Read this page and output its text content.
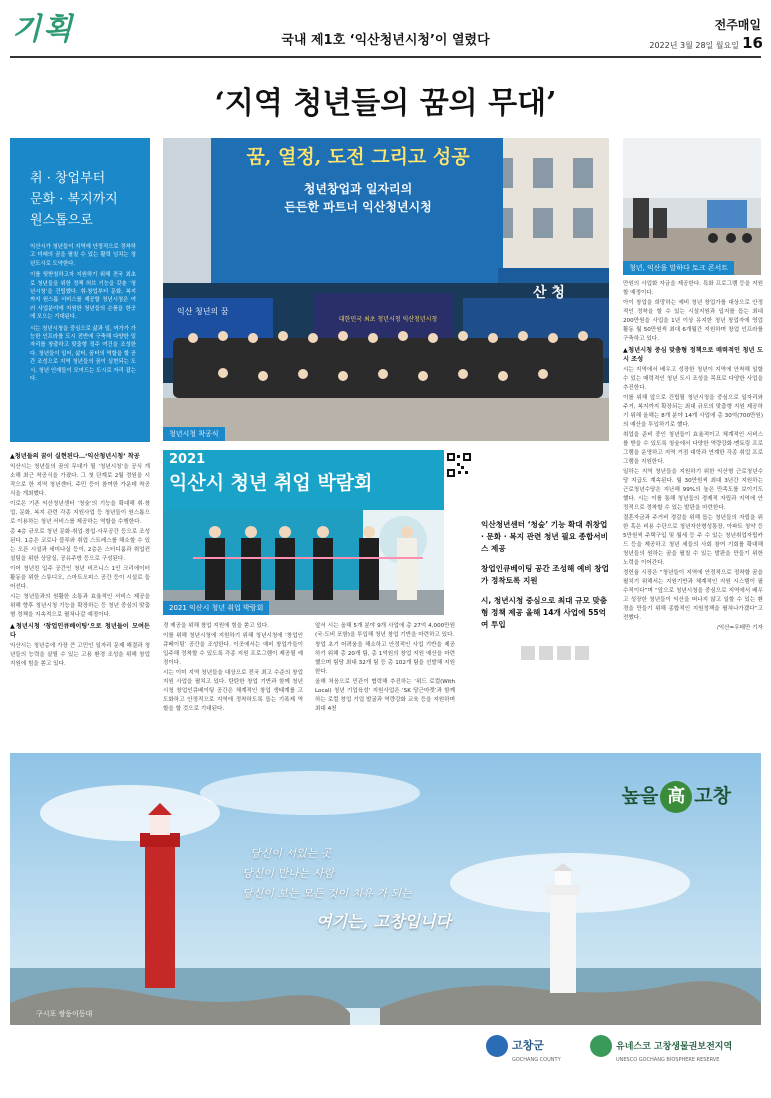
기획	국내 제1호 ‘익산청년시청’이 열렸다
전주매일
2022년 3월 28일 월요일 16
‘지역 청년들의 꿈의 무대’
취 · 창업부터
문화 · 복지까지
원스톱으로

익산시가 청년들이 지역에 안정적으로 정착하고 미래의 꿈을 펼칠 수 있는 활력 넘치는 청년도시로 도약한다.

이를 뒷받침하고자 지원하기 위해 전국 최초로 청년들을 위한 정책 허브 기능을 갖춘 ‘청년시청’을 건립했다. 취·창업부터 문화, 복지까지 원스톱 서비스를 제공할 청년시청은 여러 사업분야에 지원한 청년들의 손품을 한곳에 모으는 기대된다.

시는 청년시청을 중심으로 삶과 일, 여가가 가능한 인프라를 도시 전반에 구축해 다양한 일자리를 창출하고 맞춤형 정주 여건을 조성한다. 청년들이 일터, 삶터, 꿈터의 역할을 할 공간 조성으로 지역 청년들의 꿈이 실현되는 도시, 청년 인재들이 모여드는 도시로 자리 잡는다.

▲청년들의 꿈이 실현된다…‘익산청년시청’ 착공

익산시는 청년들의 꿈의 무대가 될 ‘청년시청’을 공식 개소해 최근 착공식을 가졌다. 그 첫 단계로 2월 정원을 시작으로 한 지역 청년센터, 주민 등이 참여한 가운데 착공식을 개최했다.

이로은 기존 익산청년센터 ‘청숲’의 기능을 확대해 취·창업, 문화, 복지 관련 각종 지원사업 등 청년들이 원스톱으로 이용하는 청년 서비스를 제공하는 역할을 수행한다.

총 4층 규모로 청년 문화·취업·창업·사무공간 등으로 조성된다. 1층은 코로나 블루와 취업 스트레스를 해소할 수 있는 오픈 시설과 세미나실 등이, 2층은 스터디룸과 취업컨설팅을 위한 상담실, 공유주방 등으로 구성된다.

이어 청년친 입주 공간인 청년 비즈니스 1인 크리에이터 활동을 위한 스튜디오, 스마트오피스 공간 등이 시설로 들어선다.

시는 청년들과의 원활한 소통과 효율적인 서비스 제공을 위해 향후 청년시청 기능을 확장하는 등 청년 중심의 맞춤형 정책을 지속적으로 펼쳐나갈 예정이다.

▲청년시청 ‘창업인큐베이팅’으로 청년들이 모여든다

익산시는 청년층에 가장 큰 고민인 일자리 문제 해결과 청년들의 능력을 살릴 수 있는 고용 환경 조성을 위해 창업 지원에 힘을 쏟고 있다.

꿈, 열정, 도전 그리고 성공
청년창업과 일자리의
든든한 파트너 익산청년시청
산 청
익산 청년의 꿈
대한민국 최초 청년시청 익산청년시청
청년시청 착공식
2021
익산시 청년 취업 박람회
2021 익산시 청년 취업 박람회
청년, 익산을 말하다 토크 콘서트

경 제공을 위해 창업 지원에 힘을 쏟고 있다.

이를 위해 청년시청에 지원하기 위해 청년시청에 ‘창업인큐베이팅’ 공간을 조성한다. 이곳에서는 예비 창업가들이 입주해 정착할 수 있도록 각종 지원 프로그램이 제공될 예정이다.

시는 이미 지역 청년들을 대상으로 전국 최고 수준의 창업 지원 사업을 펼치고 있다. 탄탄한 창업 기반과 함께 청년시청 창업인큐베이팅 공간은 체계적인 창업 생태계를 고도화하고 안정적으로 지역에 정착하도록 돕는 기폭제 역할을 할 것으로 기대된다.

앞서 시는 올해 5개 분야 9개 사업에 총 27억 4,000만원(국·도비 포함)을 투입해 청년 창업 기반을 마련하고 있다.

창업 초기 어려움을 해소하고 안정적인 사업 기반을 제공하기 위해 총 20개 팀, 총 1억원의 창업 지원 예산을 마련했으며 팀당 최대 32개 팀 등 총 102개 팀을 선발해 지원한다.

올해 처음으로 민관이 협력해 추진하는 ‘위드 로컬(With Local) 청년 기업육성’ 지원사업은 ‘SK 당근마켓’과 함께하는 로컬 창업 기업 발굴과 역량강화 교육 등을 지원하며 최대 4천

익산청년센터 ‘청숲’ 기능 확대 취창업 · 문화 · 복지 관련 청년 필요 종합서비스 제공

창업인큐베이팅 공간 조성해 예비 창업가 정착토록 지원

시, 청년시청 중심으로 최대 규모 맞춤형 정책 제공 올해 14개 사업에 55억여 투입

만원의 사업화 자금을 제공한다. 특화 프로그램 등을 지원할 예정이다.

아이 창업을 희망하는 예비 청년 창업가를 대상으로 안정적인 정착을 할 수 있는 시설지원과 입지를 돕는 최대 200만원을 사업을 1년 이상 유지한 청년 창업자에 영업활동 월 50만원씩 최대 6개월간 지원하며 창업 인프라를 구축하고 있다.

▲청년시청 중심 맞춤형 정책으로 매력적인 청년 도시 조성

시는 지역에서 배우고 성장한 청년이 지역에 안착해 일할 수 있는 매력적인 청년 도시 조성을 목표로 다양한 사업을 추진한다.

이를 위해 앞으로 건립될 청년시청을 중심으로 일자리와 주거, 복지까지 확장되는 최대 규모의 맞춤형 지원 제공하기 위해 올해는 8개 분야 14개 사업에 총 30억(700만원)의 예산을 투입하기로 했다.

취업을 준비 중인 청년들이 효율적이고 체계적인 서비스를 받을 수 있도록 청숲에서 다양한 역량강화·멘토링 프로그램을 운영하고 지역 거점 대학과 연계한 각종 취업 프로그램을 지원한다.

일하는 지역 청년들을 지원하기 위한 익산형 근로청년수당 지급도 계속된다. 월 30만원씩 최대 3년간 지원하는 근로청년수당은 지난해 99%의 높은 만족도를 보이기도 했다. 시는 이를 통해 청년들의 경제적 자립과 지역에 안정적으로 정착할 수 있는 발판을 마련한다.

결혼자금과 주거비 경감을 위해 돕는 청년들의 자립을 위한 혹은 비용 수단으로 청년자산형성통장, 아파트 청약 등 5만원씩 주택구입 및 월세 등 주 수 있는 청년취업자립카드 등을 제공하고 청년 세들의 사회 참여 기회를 확대해 청년들의 원하는 꿈을 펼칠 수 있는 발판을 만들기 위한 노력을 이어간다.

정헌율 시장은 “청년들이 지역에 안정적으로 정착할 꿈을 펼치기 위해서는 지원기반과 체계적인 지원 시스템이 필수적이다”며 “앞으로 청년시청을 중심으로 지역에서 배우고 성장한 청년들이 익산을 떠나지 않고 일할 수 있는 환경을 만들기 위해 종합적인 지원정책을 펼쳐나가겠다”고 전했다.

/익산=우태만 기자

높을 高 고창
당신이 서있는 곳
당신이 만나는 사람
당신이 보는 모든 것이 치유 가 되는
여기는, 고창입니다
구시포 쌍둥이등대
고창군
GOCHANG COUNTY
유네스코 고창생물권보전지역
UNESCO GOCHANG BIOSPHERE RESERVE
